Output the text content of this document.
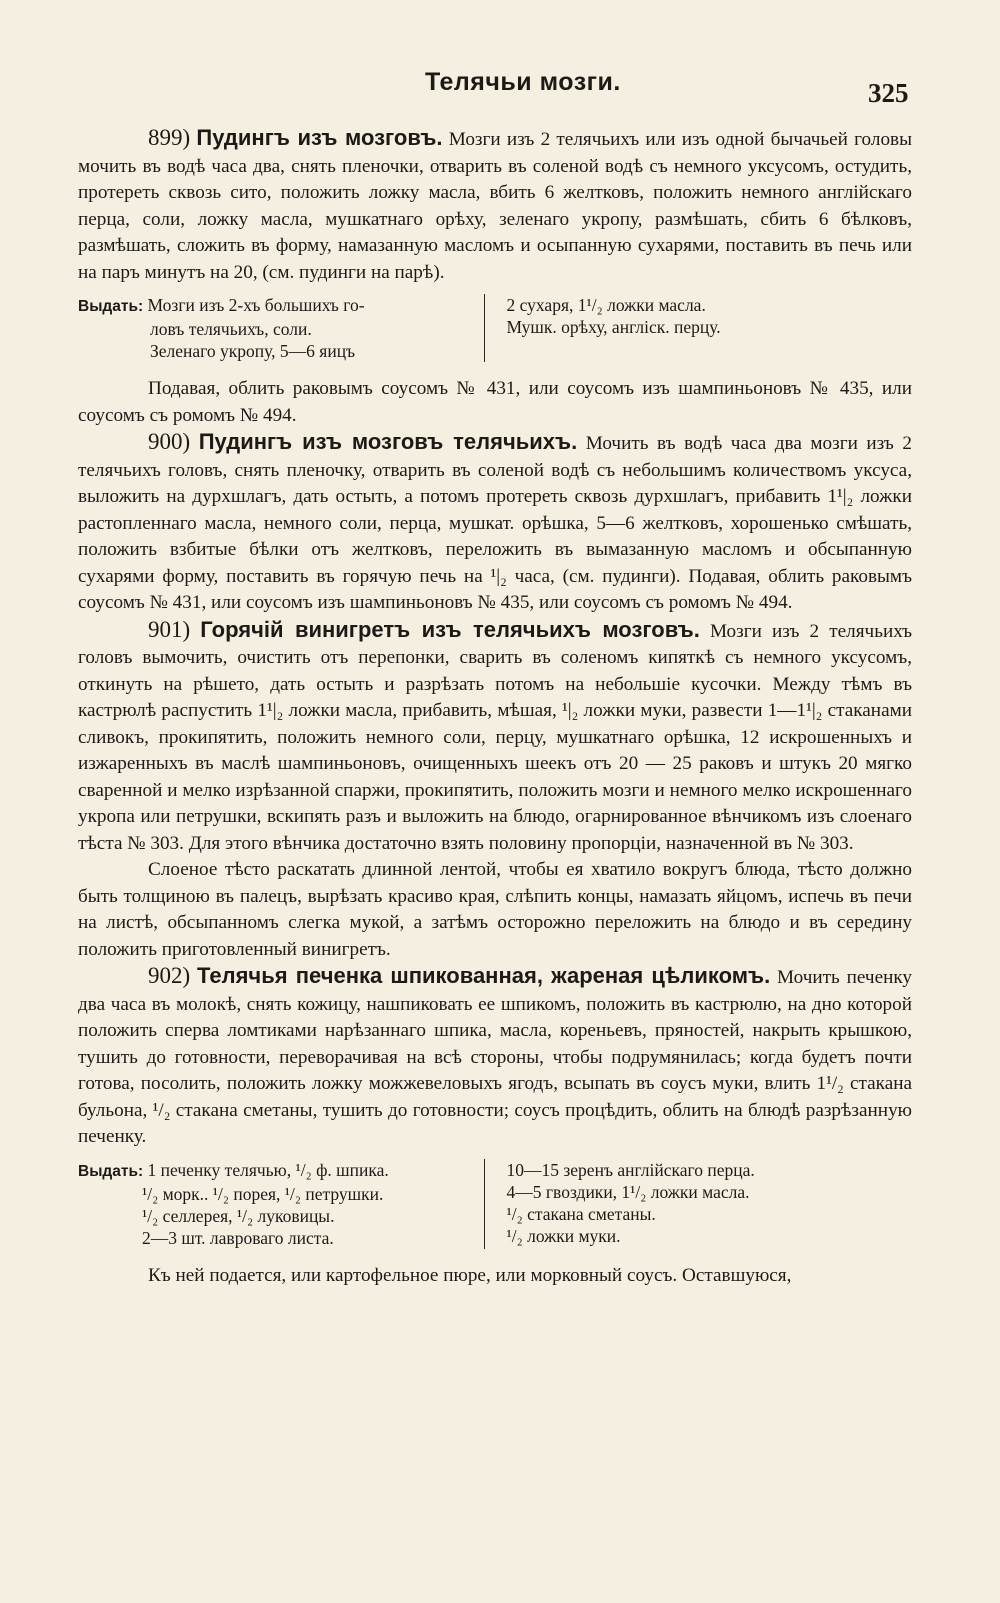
Телячьи мозги.	325

899) Пудингъ изъ мозговъ. Мозги изъ 2 телячьихъ или изъ одной бычачьей головы мочить въ водѣ часа два, снять пленочки, отварить въ соленой водѣ съ немного уксусомъ, остудить, протереть сквозь сито, положить ложку масла, вбить 6 желтковъ, положить немного англійскаго перца, соли, ложку масла, мушкатнаго орѣху, зеленаго укропу, размѣшать, сбить 6 бѣлковъ, размѣшать, сложить въ форму, намазанную масломъ и осыпанную сухарями, поставить въ печь или на паръ минутъ на 20, (см. пудинги на парѣ).

Выдать: Мозги изъ 2-хъ большихъ го-
ловъ телячьихъ, соли.
Зеленаго укропу, 5—6 яицъ
2 сухаря, 1¹/₂ ложки масла.
Мушк. орѣху, англіск. перцу.

Подавая, облить раковымъ соусомъ № 431, или соусомъ изъ шампиньоновъ № 435, или соусомъ съ ромомъ № 494.

900) Пудингъ изъ мозговъ телячьихъ. Мочить въ водѣ часа два мозги изъ 2 телячьихъ головъ, снять пленочку, отварить въ соленой водѣ съ небольшимъ количествомъ уксуса, выложить на дурхшлагъ, дать остыть, а потомъ протереть сквозь дурхшлагъ, прибавить 1¹|₂ ложки растопленнаго масла, немного соли, перца, мушкат. орѣшка, 5—6 желтковъ, хорошенько смѣшать, положить взбитые бѣлки отъ желтковъ, переложить въ вымазанную масломъ и обсыпанную сухарями форму, поставить въ горячую печь на ¹|₂ часа, (см. пудинги). Подавая, облить раковымъ соусомъ № 431, или соусомъ изъ шампиньоновъ № 435, или соусомъ съ ромомъ № 494.

901) Горячій винигретъ изъ телячьихъ мозговъ. Мозги изъ 2 телячьихъ головъ вымочить, очистить отъ перепонки, сварить въ соленомъ кипяткѣ съ немного уксусомъ, откинуть на рѣшето, дать остыть и разрѣзать потомъ на небольшіе кусочки. Между тѣмъ въ кастрюлѣ распустить 1¹|₂ ложки масла, прибавить, мѣшая, ¹|₂ ложки муки, развести 1—1¹|₂ стаканами сливокъ, прокипятить, положить немного соли, перцу, мушкатнаго орѣшка, 12 искрошенныхъ и изжаренныхъ въ маслѣ шампиньоновъ, очищенныхъ шеекъ отъ 20 — 25 раковъ и штукъ 20 мягко сваренной и мелко изрѣзанной спаржи, прокипятить, положить мозги и немного мелко искрошеннаго укропа или петрушки, вскипять разъ и выложить на блюдо, огарнированное вѣнчикомъ изъ слоенаго тѣста № 303. Для этого вѣнчика достаточно взять половину пропорціи, назначенной въ № 303.

Слоеное тѣсто раскатать длинной лентой, чтобы ея хватило вокругъ блюда, тѣсто должно быть толщиною въ палецъ, вырѣзать красиво края, слѣпить концы, намазать яйцомъ, испечь въ печи на листѣ, обсыпанномъ слегка мукой, а затѣмъ осторожно переложить на блюдо и въ середину положить приготовленный винигретъ.

902) Телячья печенка шпикованная, жареная цѣликомъ. Мочить печенку два часа въ молокѣ, снять кожицу, нашпиковать ее шпикомъ, положить въ кастрюлю, на дно которой положить сперва ломтиками нарѣзаннаго шпика, масла, кореньевъ, пряностей, накрыть крышкою, тушить до готовности, переворачивая на всѣ стороны, чтобы подрумянилась; когда будетъ почти готова, посолить, положить ложку можжевеловыхъ ягодъ, всыпать въ соусъ муки, влить 1¹/₂ стакана бульона, ¹/₂ стакана сметаны, тушить до готовности; соусъ процѣдить, облить на блюдѣ разрѣзанную печенку.

Выдать: 1 печенку телячью, ¹/₂ ф. шпика.
¹/₂ морк.. ¹/₂ порея, ¹/₂ петрушки.
¹/₂ селлерея, ¹/₂ луковицы.
2—3 шт. лавроваго листа.
10—15 зеренъ англійскаго перца.
4—5 гвоздики, 1¹/₂ ложки масла.
¹/₂ стакана сметаны.
¹/₂ ложки муки.

Къ ней подается, или картофельное пюре, или морковный соусъ. Оставшуюся,
